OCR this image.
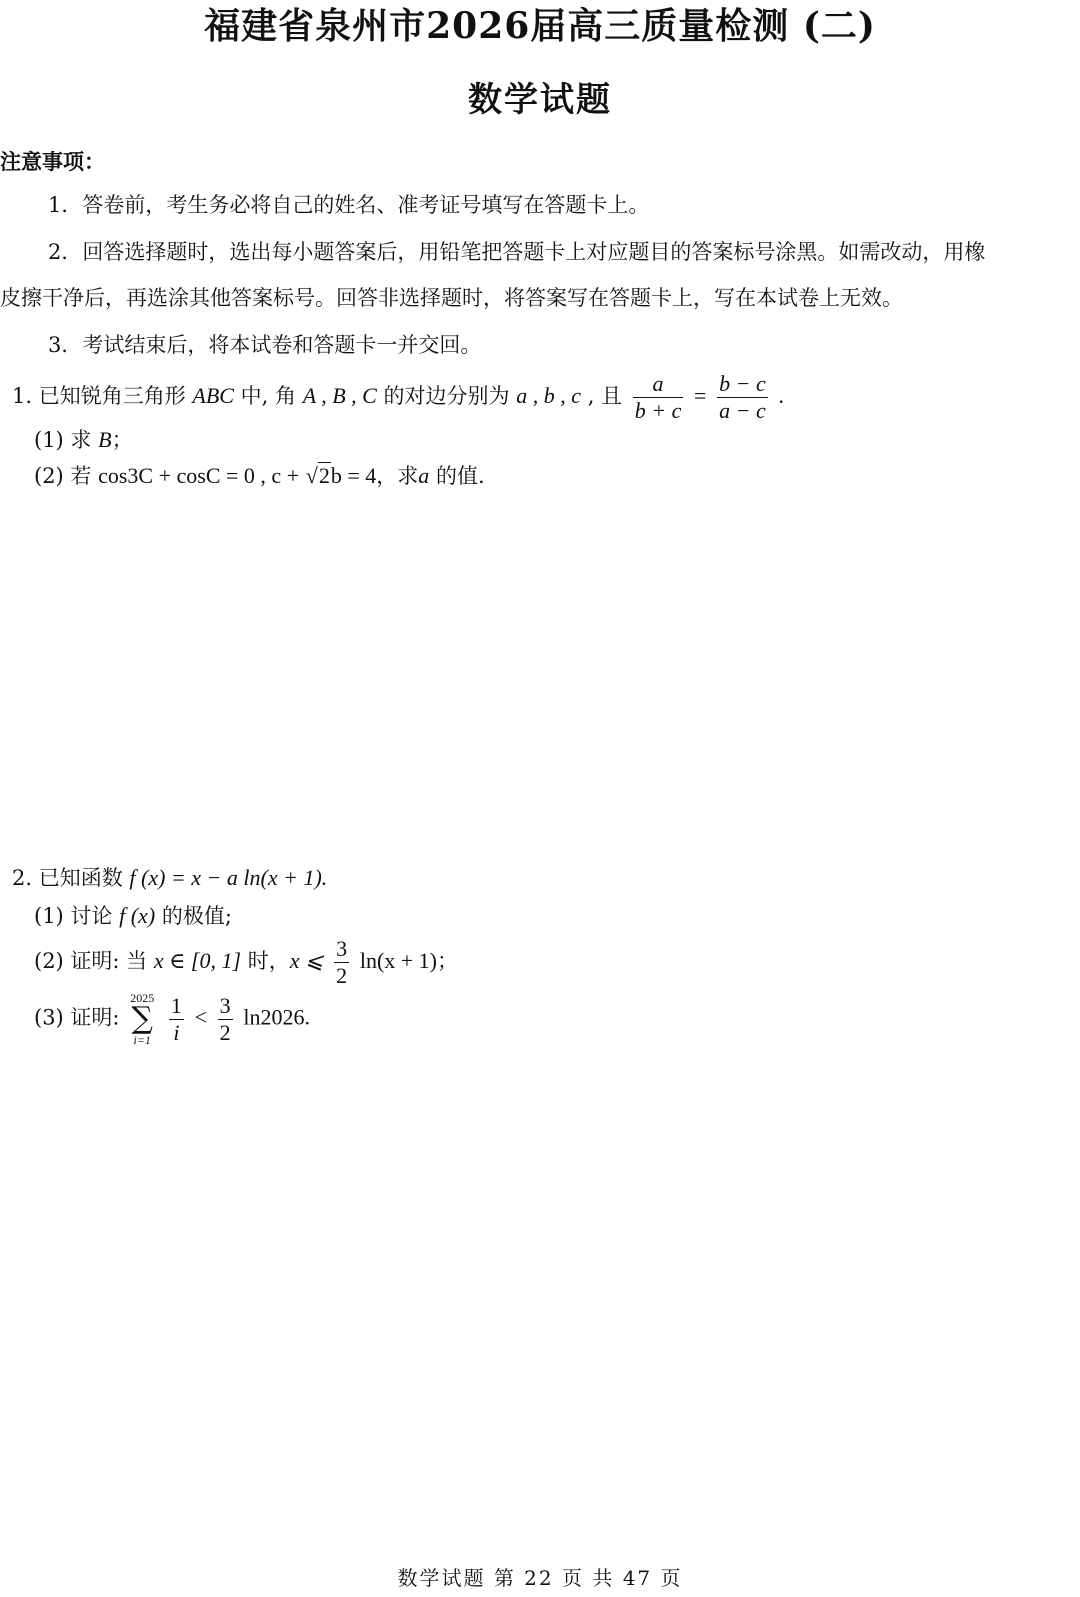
福建省泉州市2026届高三质量检测 (二)
数学试题
注意事项：
1．答卷前，考生务必将自己的姓名、准考证号填写在答题卡上。
2．回答选择题时，选出每小题答案后，用铅笔把答题卡上对应题目的答案标号涂黑。如需改动，用橡
皮擦干净后，再选涂其他答案标号。回答非选择题时，将答案写在答题卡上，写在本试卷上无效。
3．考试结束后，将本试卷和答题卡一并交回。
1. 已知锐角三角形 ABC 中, 角 A , B , C 的对边分别为 a , b , c , 且 $\frac{a}{b + c} = \frac{b - c}{a - c}$ .
(1) 求 B；
(2) 若 cos3C + cosC = 0 , c + √2b = 4，求a 的值.
2. 已知函数 f (x) = x − a ln(x + 1).
(1) 讨论 f (x) 的极值;
(2) 证明: 当 x ∈ [0, 1] 时，x ⩽ $\frac{3}{2} \ln(x + 1)$；
(3) 证明:
2025
∑
i=1
$\frac{1}{i} < \frac{3}{2} \ln 2026$.
数学试题 第 22 页 共 47 页
